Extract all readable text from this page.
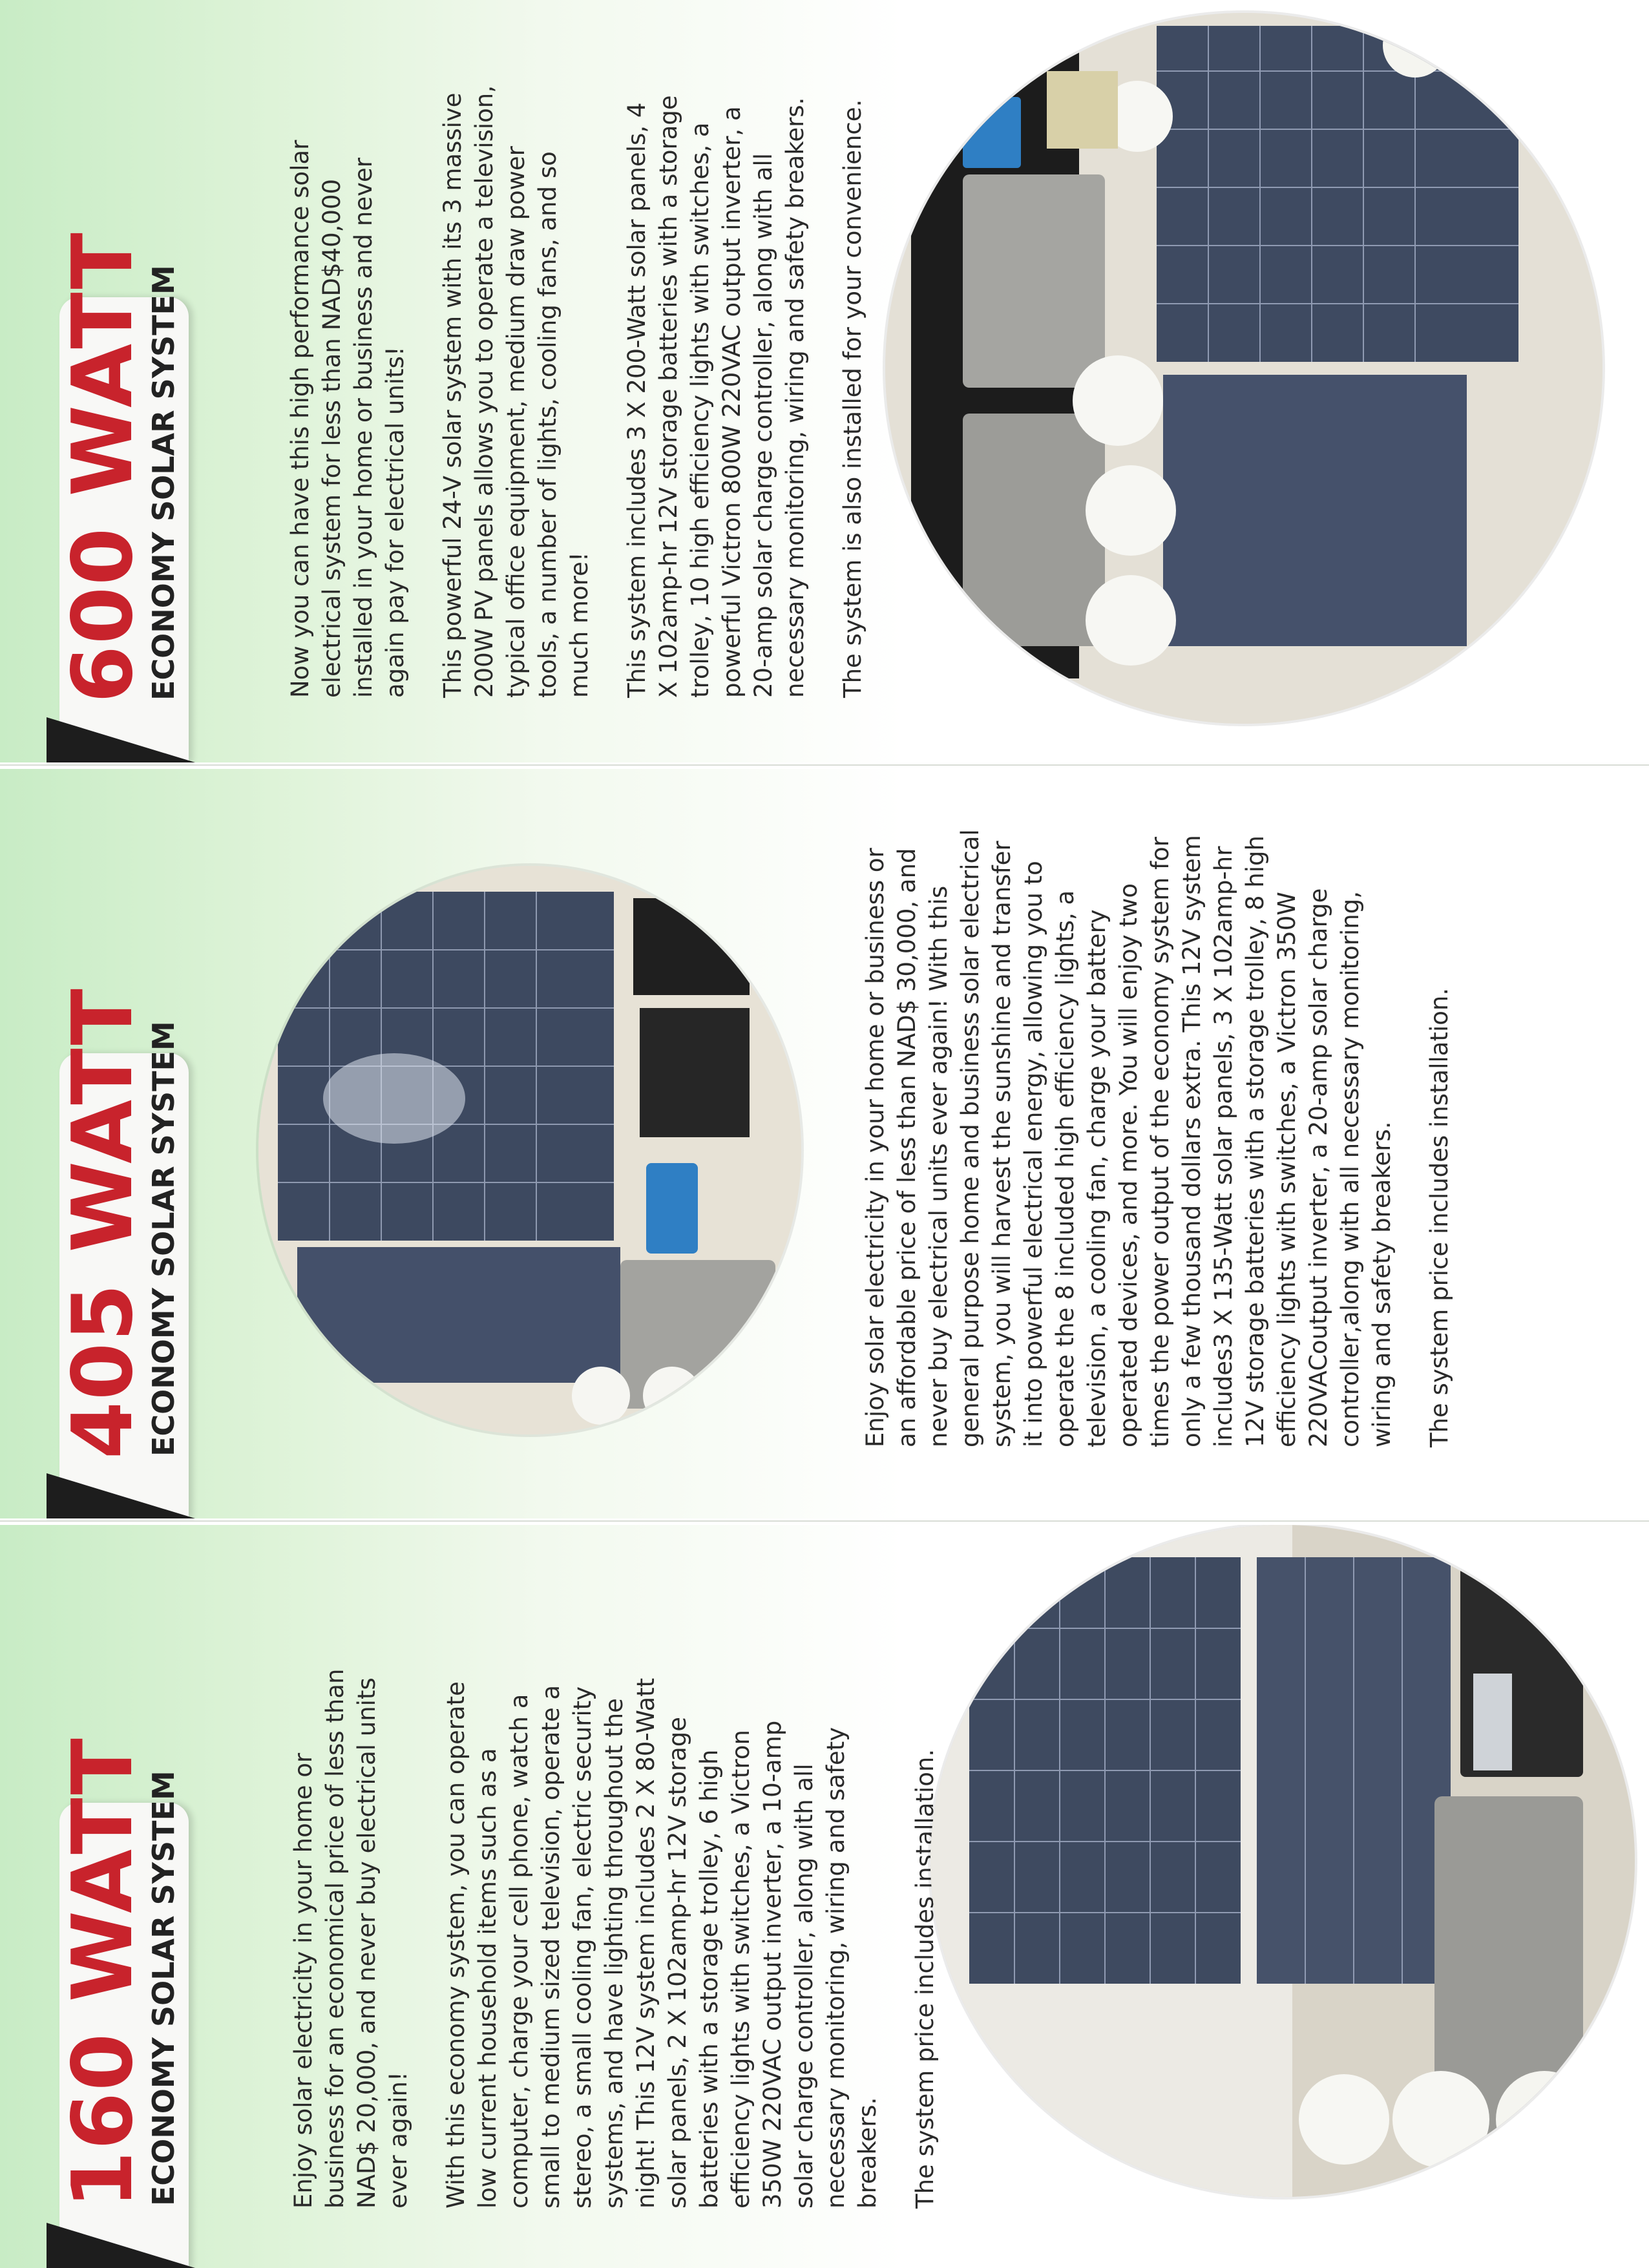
160 WATT
ECONOMY SOLAR SYSTEM	Enjoy solar electricity in your home or business for an economical price of less than NAD$ 20,000, and never buy electrical units ever again! With this economy system, you can operate low current household items such as a computer, charge your cell phone, watch a small to medium sized television, operate a stereo, a small cooling fan, electric security systems, and have lighting throughout the night! This 12V system includes 2 X 80-Watt solar panels, 2 X 102amp-hr 12V storage batteries with a storage trolley, 6 high efficiency lights with switches, a Victron 350W 220VAC output inverter, a 10-amp solar charge controller, along with all necessary monitoring, wiring and safety breakers. The system price includes installation.

405 WATT
ECONOMY SOLAR SYSTEM	Enjoy solar electricity in your home or business or an affordable price of less than NAD$ 30,000, and never buy electrical units ever again! With this general purpose home and business solar electrical system, you will harvest the sunshine and transfer it into powerful electrical energy, allowing you to operate the 8 included high efficiency lights, a television, a cooling fan, charge your battery operated devices, and more. You will enjoy two times the power output of the economy system for only a few thousand dollars extra. This 12V system includes3 X 135-Watt solar panels, 3 X 102amp-hr 12V storage batteries with a storage trolley, 8 high efficiency lights with switches, a Victron 350W 220VACoutput inverter, a 20-amp solar charge controller,along with all necessary monitoring, wiring and safety breakers. The system price includes installation.

600 WATT
ECONOMY SOLAR SYSTEM	Now you can have this high performance solar electrical system for less than NAD$40,000 installed in your home or business and never again pay for electrical units! This powerful 24-V solar system with its 3 massive 200W PV panels allows you to operate a television, typical office equipment, medium draw power tools, a number of lights, cooling fans, and so much more! This system includes 3 X 200-Watt solar panels, 4 X 102amp-hr 12V storage batteries with a storage trolley, 10 high efficiency lights with switches, a powerful Victron 800W 220VAC output inverter, a 20-amp solar charge controller, along with all necessary monitoring, wiring and safety breakers. The system is also installed for your convenience.
